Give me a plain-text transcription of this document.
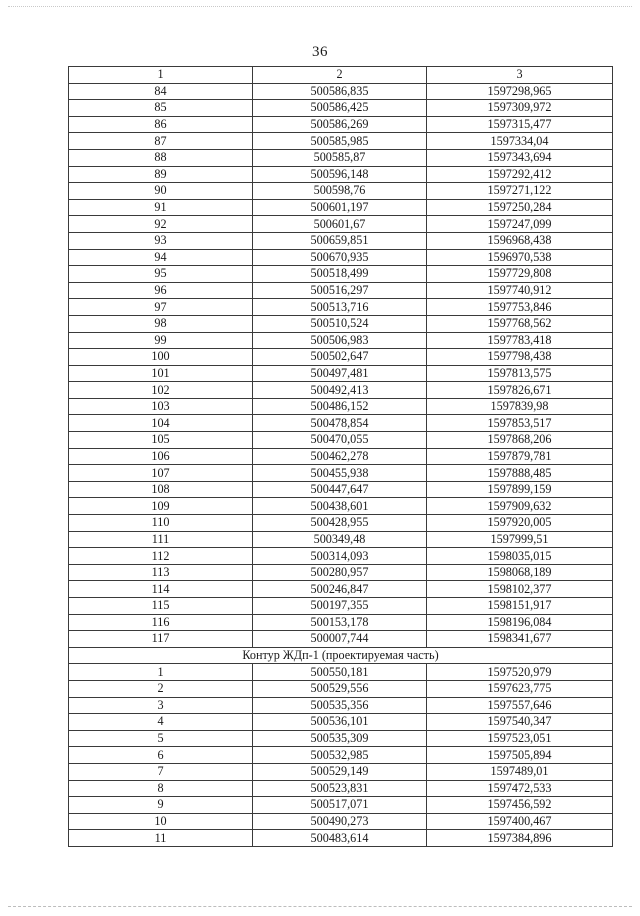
36
1	2	3
84	500586,835	1597298,965
85	500586,425	1597309,972
86	500586,269	1597315,477
87	500585,985	1597334,04
88	500585,87	1597343,694
89	500596,148	1597292,412
90	500598,76	1597271,122
91	500601,197	1597250,284
92	500601,67	1597247,099
93	500659,851	1596968,438
94	500670,935	1596970,538
95	500518,499	1597729,808
96	500516,297	1597740,912
97	500513,716	1597753,846
98	500510,524	1597768,562
99	500506,983	1597783,418
100	500502,647	1597798,438
101	500497,481	1597813,575
102	500492,413	1597826,671
103	500486,152	1597839,98
104	500478,854	1597853,517
105	500470,055	1597868,206
106	500462,278	1597879,781
107	500455,938	1597888,485
108	500447,647	1597899,159
109	500438,601	1597909,632
110	500428,955	1597920,005
111	500349,48	1597999,51
112	500314,093	1598035,015
113	500280,957	1598068,189
114	500246,847	1598102,377
115	500197,355	1598151,917
116	500153,178	1598196,084
117	500007,744	1598341,677
Контур ЖДп-1 (проектируемая часть)		
1	500550,181	1597520,979
2	500529,556	1597623,775
3	500535,356	1597557,646
4	500536,101	1597540,347
5	500535,309	1597523,051
6	500532,985	1597505,894
7	500529,149	1597489,01
8	500523,831	1597472,533
9	500517,071	1597456,592
10	500490,273	1597400,467
11	500483,614	1597384,896
